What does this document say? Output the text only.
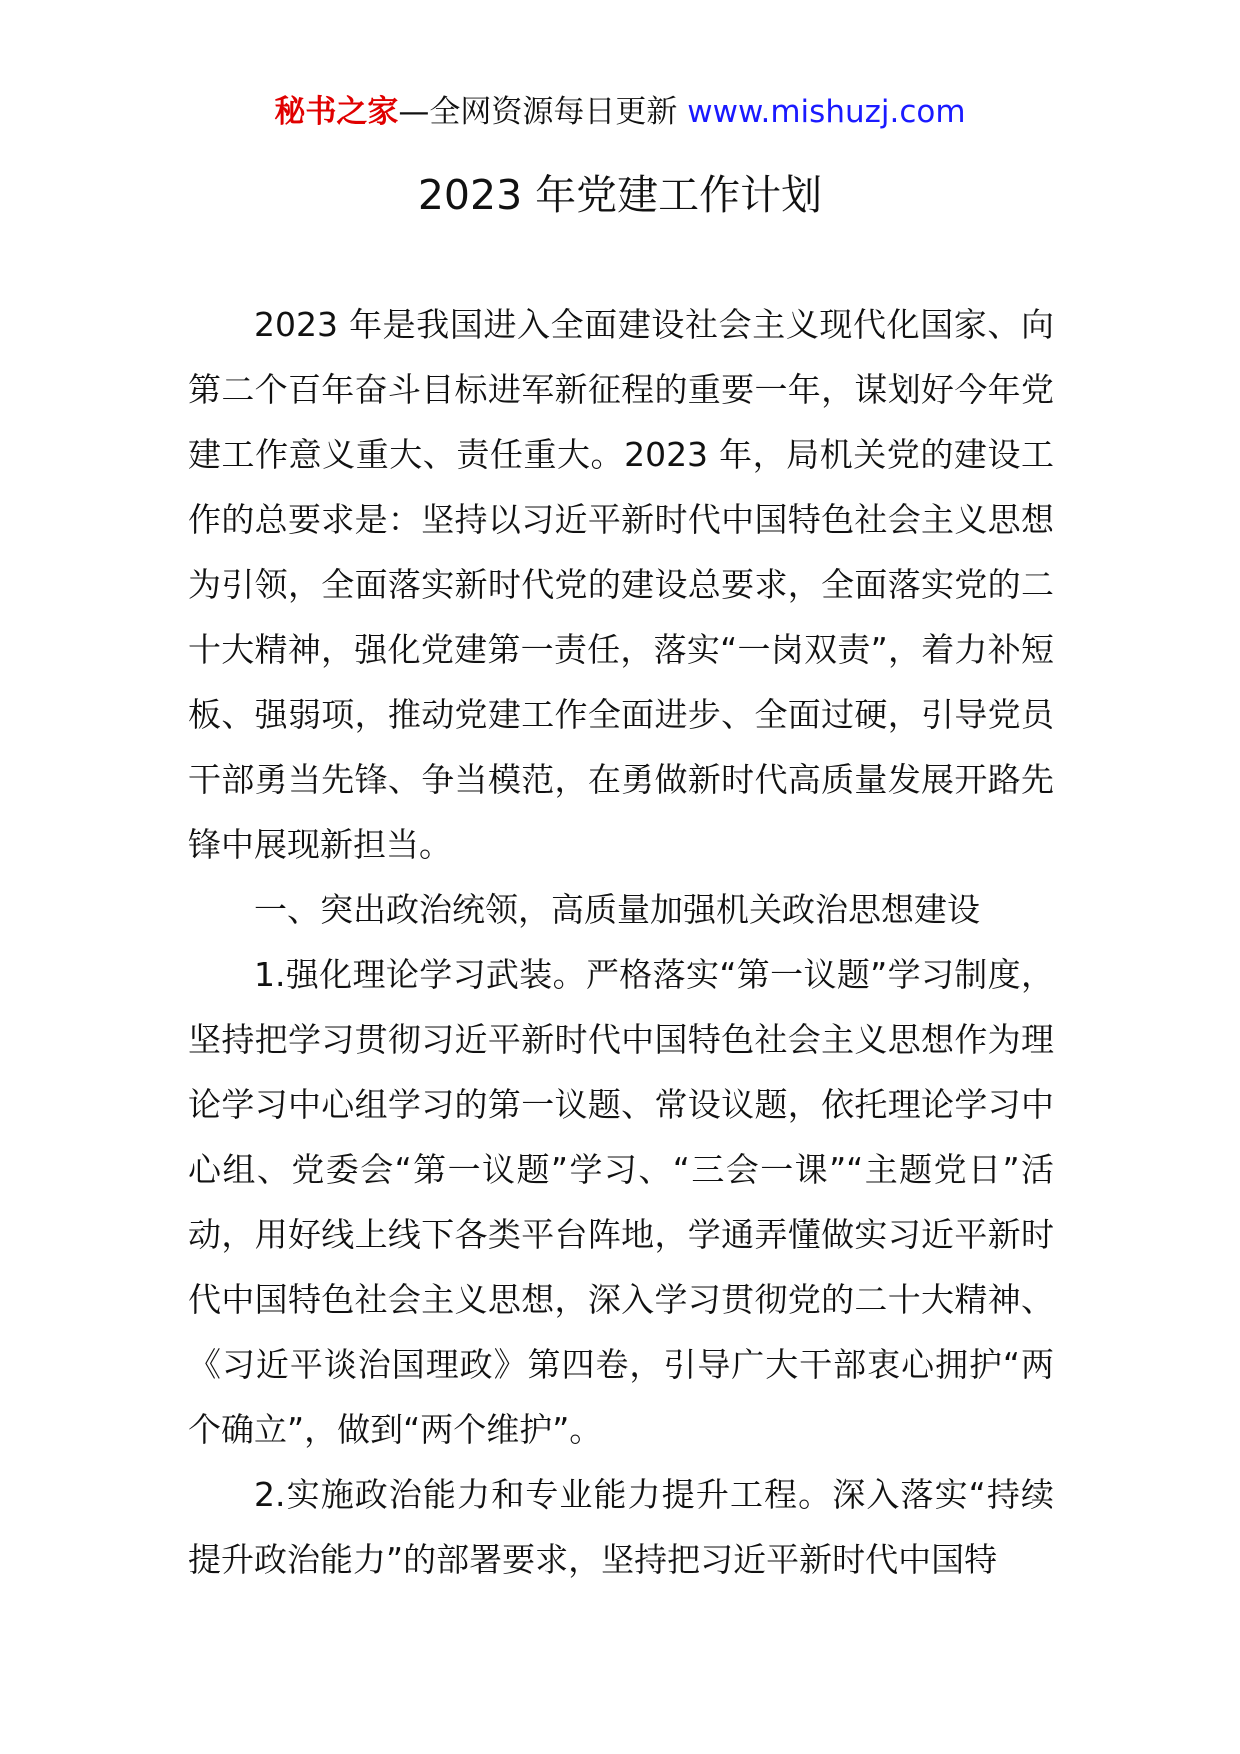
秘书之家—全网资源每日更新 www.mishuzj.com
2023 年党建工作计划

2023 年是我国进入全面建设社会主义现代化国家、向第二个百年奋斗目标进军新征程的重要一年，谋划好今年党建工作意义重大、责任重大。2023 年，局机关党的建设工作的总要求是：坚持以习近平新时代中国特色社会主义思想为引领，全面落实新时代党的建设总要求，全面落实党的二十大精神，强化党建第一责任，落实“一岗双责”，着力补短板、强弱项，推动党建工作全面进步、全面过硬，引导党员干部勇当先锋、争当模范，在勇做新时代高质量发展开路先锋中展现新担当。

一、突出政治统领，高质量加强机关政治思想建设

1.强化理论学习武装。严格落实“第一议题”学习制度，坚持把学习贯彻习近平新时代中国特色社会主义思想作为理论学习中心组学习的第一议题、常设议题，依托理论学习中心组、党委会“第一议题”学习、“三会一课”“主题党日”活动，用好线上线下各类平台阵地，学通弄懂做实习近平新时代中国特色社会主义思想，深入学习贯彻党的二十大精神、《习近平谈治国理政》第四卷，引导广大干部衷心拥护“两个确立”，做到“两个维护”。

2.实施政治能力和专业能力提升工程。深入落实“持续提升政治能力”的部署要求，坚持把习近平新时代中国特
